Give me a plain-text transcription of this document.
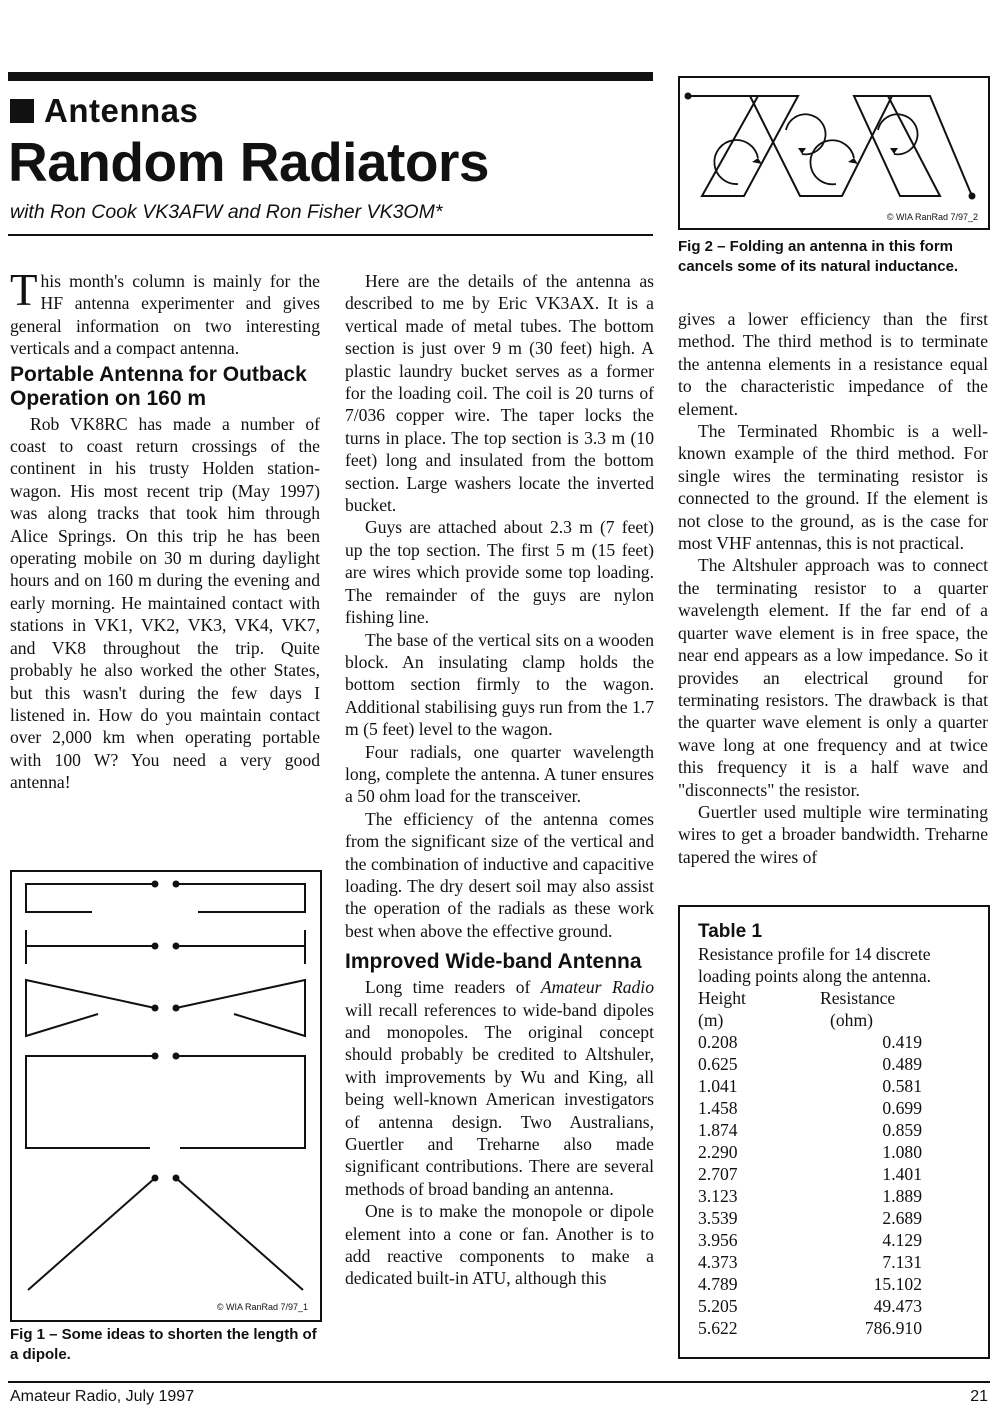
Antennas
Random Radiators
with Ron Cook VK3AFW and Ron Fisher VK3OM*

This month's column is mainly for the HF antenna experimenter and gives general information on two interesting verticals and a compact antenna.

Portable Antenna for Outback Operation on 160 m

Rob VK8RC has made a number of coast to coast return crossings of the continent in his trusty Holden station-wagon. His most recent trip (May 1997) was along tracks that took him through Alice Springs. On this trip he has been operating mobile on 30 m during daylight hours and on 160 m during the evening and early morning. He maintained contact with stations in VK1, VK2, VK3, VK4, VK7, and VK8 throughout the trip. Quite probably he also worked the other States, but this wasn't during the few days I listened in. How do you maintain contact over 2,000 km when operating portable with 100 W? You need a very good antenna!

© WIA RanRad 7/97_1
Fig 1 – Some ideas to shorten the length of a dipole.

Here are the details of the antenna as described to me by Eric VK3AX. It is a vertical made of metal tubes. The bottom section is just over 9 m (30 feet) high. A plastic laundry bucket serves as a former for the loading coil. The coil is 20 turns of 7/036 copper wire. The taper locks the turns in place. The top section is 3.3 m (10 feet) long and insulated from the bottom section. Large washers locate the inverted bucket.

Guys are attached about 2.3 m (7 feet) up the top section. The first 5 m (15 feet) are wires which provide some top loading. The remainder of the guys are nylon fishing line.

The base of the vertical sits on a wooden block. An insulating clamp holds the bottom section firmly to the wagon. Additional stabilising guys run from the 1.7 m (5 feet) level to the wagon.

Four radials, one quarter wavelength long, complete the antenna. A tuner ensures a 50 ohm load for the transceiver.

The efficiency of the antenna comes from the significant size of the vertical and the combination of inductive and capacitive loading. The dry desert soil may also assist the operation of the radials as these work best when above the effective ground.

Improved Wide-band Antenna

Long time readers of Amateur Radio will recall references to wide-band dipoles and monopoles. The original concept should probably be credited to Altshuler, with improvements by Wu and King, all being well-known American investigators of antenna design. Two Australians, Guertler and Treharne also made significant contributions. There are several methods of broad banding an antenna.

One is to make the monopole or dipole element into a cone or fan. Another is to add reactive components to make a dedicated built-in ATU, although this

© WIA RanRad 7/97_2
Fig 2 – Folding an antenna in this form cancels some of its natural inductance.

gives a lower efficiency than the first method. The third method is to terminate the antenna elements in a resistance equal to the characteristic impedance of the element.

The Terminated Rhombic is a well-known example of the third method. For single wires the terminating resistor is connected to the ground. If the element is not close to the ground, as is the case for most VHF antennas, this is not practical.

The Altshuler approach was to connect the terminating resistor to a quarter wavelength element. If the far end of a quarter wave element is in free space, the near end appears as a low impedance. So it provides an electrical ground for terminating resistors. The drawback is that the quarter wave element is only a quarter wave long at one frequency and at twice this frequency it is a half wave and "disconnects" the resistor.

Guertler used multiple wire terminating wires to get a broader bandwidth. Treharne tapered the wires of

Table 1
Resistance profile for 14 discrete loading points along the antenna.
Height	Resistance
(m)	(ohm)
0.208	0.419
0.625	0.489
1.041	0.581
1.458	0.699
1.874	0.859
2.290	1.080
2.707	1.401
3.123	1.889
3.539	2.689
3.956	4.129
4.373	7.131
4.789	15.102
5.205	49.473
5.622	786.910
Amateur Radio, July 1997	21
